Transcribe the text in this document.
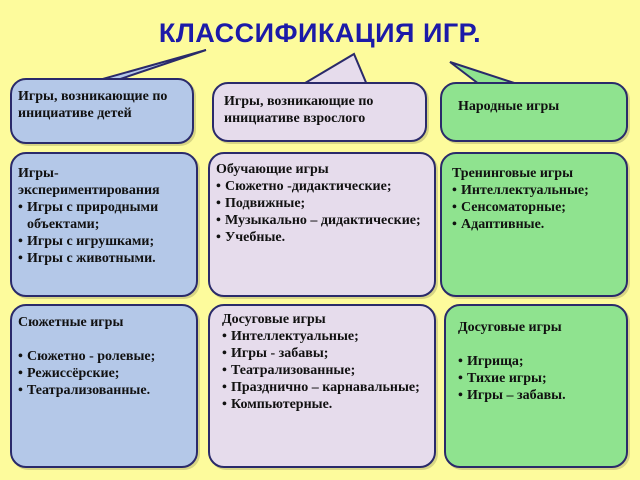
КЛАССИФИКАЦИЯ ИГР.
Игры, возникающие по инициативе детей
Игры, возникающие по инициативе взрослого
Народные игры
Игры-экспериментирования
• Игры с природными объектами;
• Игры с игрушками;
• Игры с животными.
Обучающие игры
• Сюжетно -дидактические;
• Подвижные;
• Музыкально – дидактические;
• Учебные.
Тренинговые игры
• Интеллектуальные;
• Сенсоматорные;
• Адаптивные.
Сюжетные игры
• Сюжетно - ролевые;
• Режиссёрские;
• Театрализованные.
Досуговые игры
• Интеллектуальные;
• Игры - забавы;
• Театрализованные;
• Празднично – карнавальные;
• Компьютерные.
Досуговые игры
• Игрища;
• Тихие игры;
• Игры – забавы.
